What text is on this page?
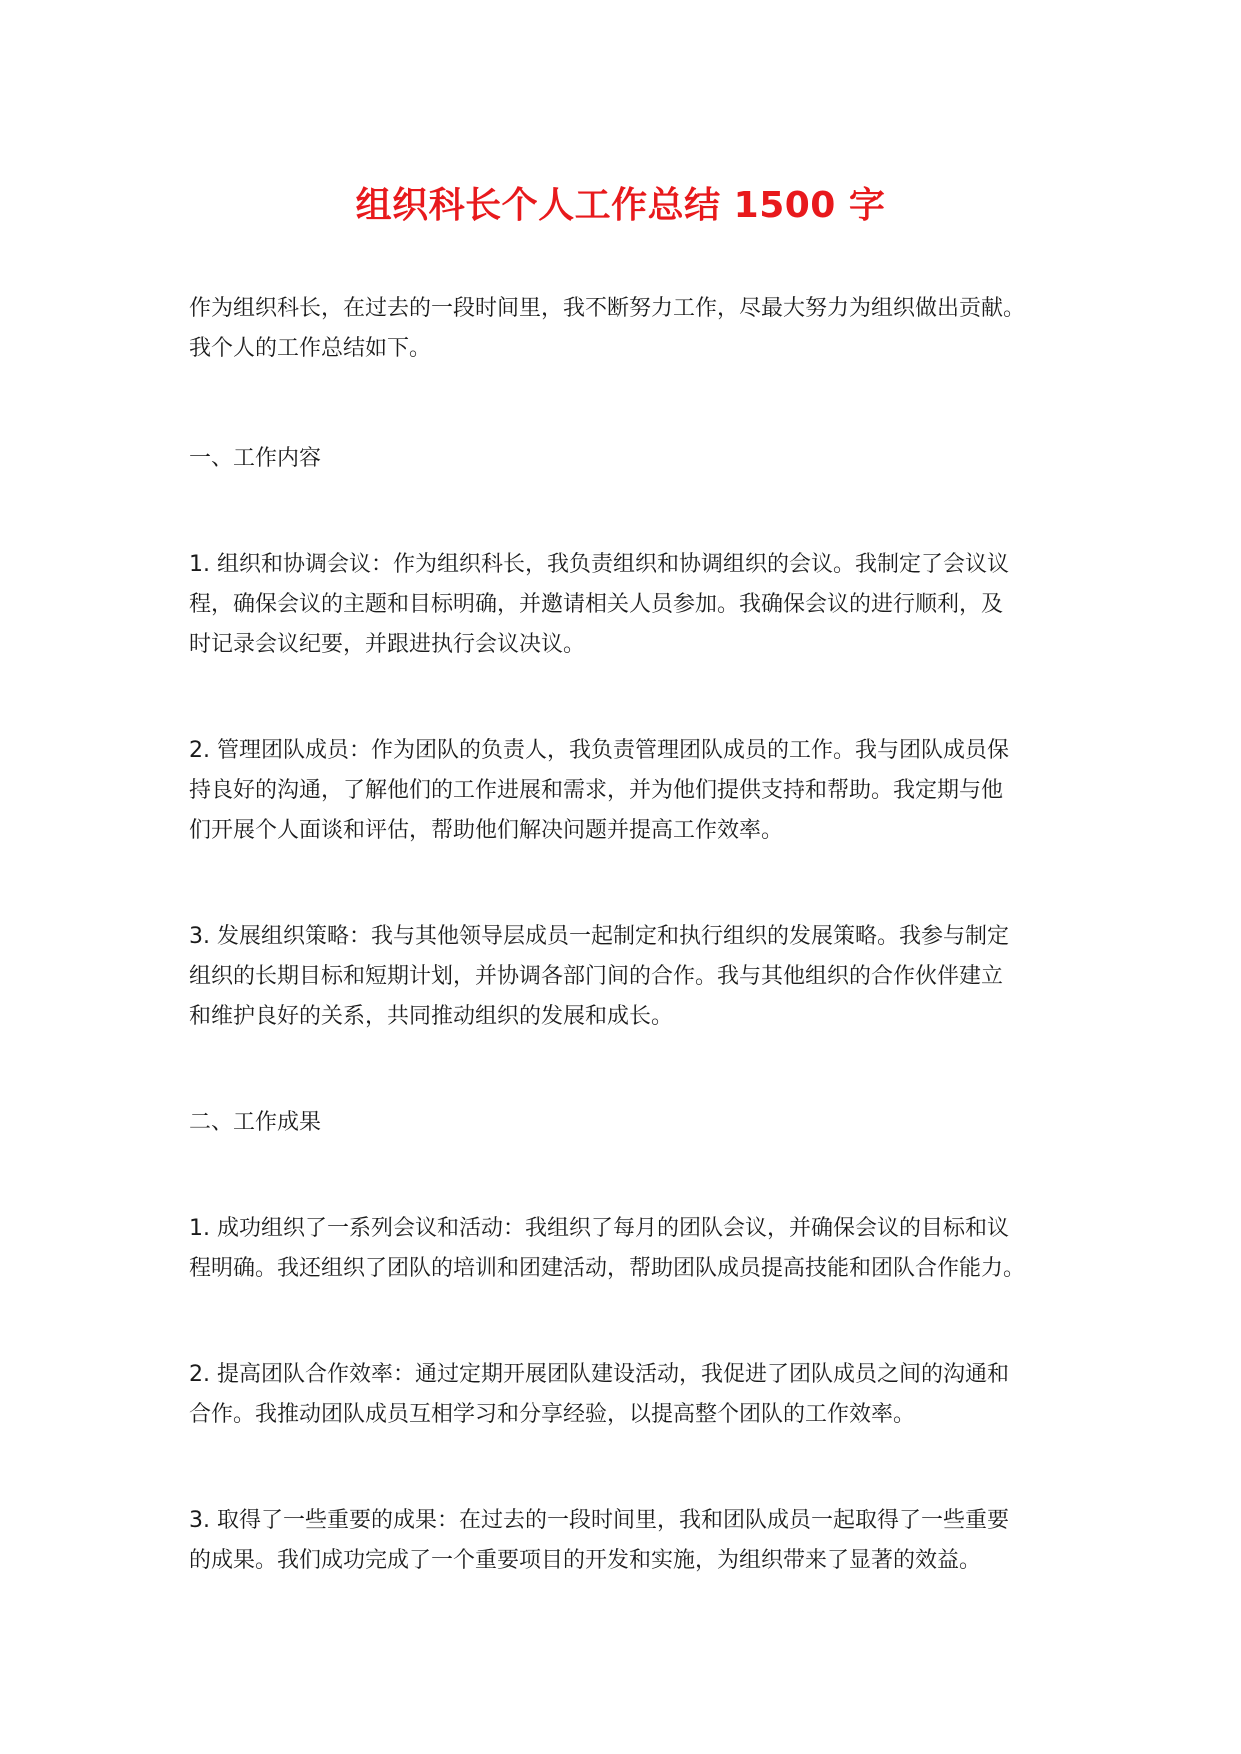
组织科长个人工作总结 1500 字

作为组织科长，在过去的一段时间里，我不断努力工作，尽最大努力为组织做出贡献。
我个人的工作总结如下。

一、工作内容

1. 组织和协调会议：作为组织科长，我负责组织和协调组织的会议。我制定了会议议
程，确保会议的主题和目标明确，并邀请相关人员参加。我确保会议的进行顺利，及
时记录会议纪要，并跟进执行会议决议。

2. 管理团队成员：作为团队的负责人，我负责管理团队成员的工作。我与团队成员保
持良好的沟通，了解他们的工作进展和需求，并为他们提供支持和帮助。我定期与他
们开展个人面谈和评估，帮助他们解决问题并提高工作效率。

3. 发展组织策略：我与其他领导层成员一起制定和执行组织的发展策略。我参与制定
组织的长期目标和短期计划，并协调各部门间的合作。我与其他组织的合作伙伴建立
和维护良好的关系，共同推动组织的发展和成长。

二、工作成果

1. 成功组织了一系列会议和活动：我组织了每月的团队会议，并确保会议的目标和议
程明确。我还组织了团队的培训和团建活动，帮助团队成员提高技能和团队合作能力。

2. 提高团队合作效率：通过定期开展团队建设活动，我促进了团队成员之间的沟通和
合作。我推动团队成员互相学习和分享经验，以提高整个团队的工作效率。

3. 取得了一些重要的成果：在过去的一段时间里，我和团队成员一起取得了一些重要
的成果。我们成功完成了一个重要项目的开发和实施，为组织带来了显著的效益。
